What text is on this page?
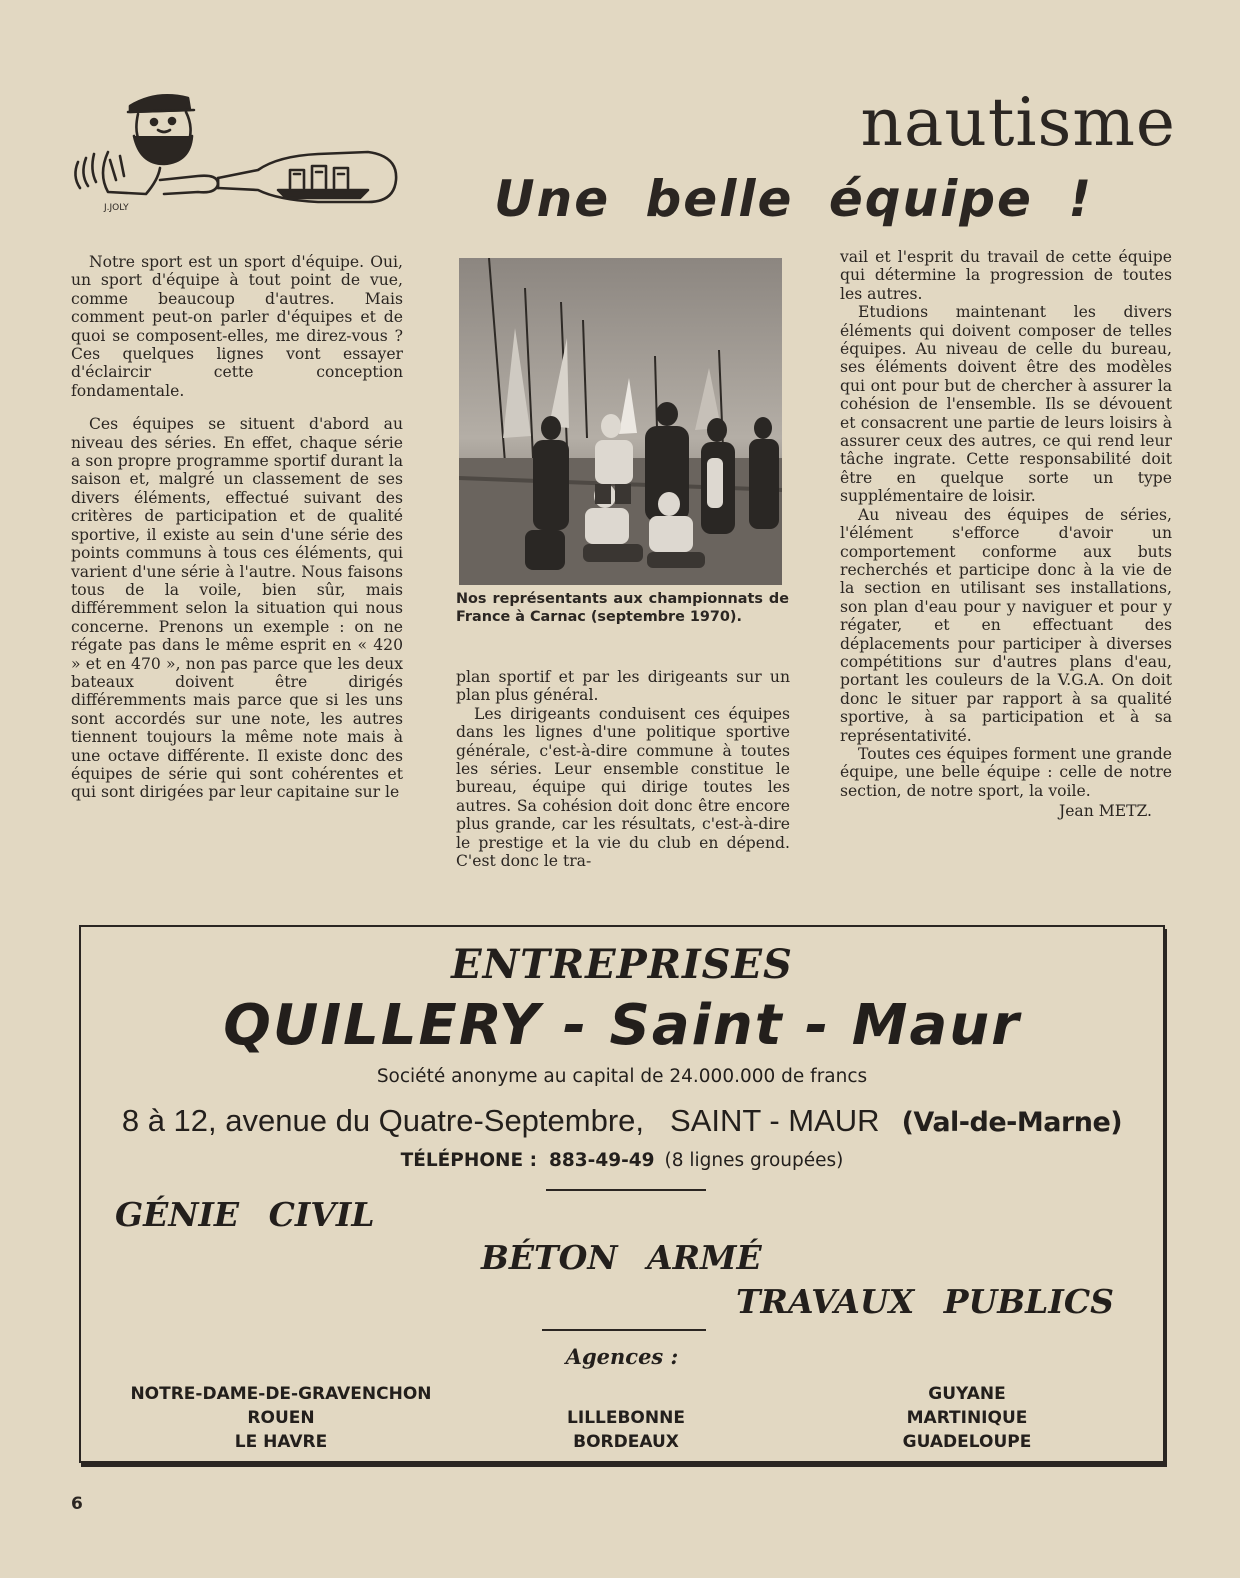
J.JOLY
nautisme
Une belle équipe !

Notre sport est un sport d'équipe. Oui, un sport d'équipe à tout point de vue, comme beaucoup d'autres. Mais comment peut-on parler d'équipes et de quoi se composent-elles, me direz-vous ? Ces quelques lignes vont essayer d'éclaircir cette conception fondamentale.

Ces équipes se situent d'abord au niveau des séries. En effet, chaque série a son propre programme sportif durant la saison et, malgré un classement de ses divers éléments, effectué suivant des critères de participation et de qualité sportive, il existe au sein d'une série des points communs à tous ces éléments, qui varient d'une série à l'autre. Nous faisons tous de la voile, bien sûr, mais différemment selon la situation qui nous concerne. Prenons un exemple : on ne régate pas dans le même esprit en « 420 » et en 470 », non pas parce que les deux bateaux doivent être dirigés différemments mais parce que si les uns sont accordés sur une note, les autres tiennent toujours la même note mais à une octave différente. Il existe donc des équipes de série qui sont cohérentes et qui sont dirigées par leur capitaine sur le

Nos représentants aux championnats de France à Carnac (septembre 1970).

plan sportif et par les dirigeants sur un plan plus général.

Les dirigeants conduisent ces équipes dans les lignes d'une politique sportive générale, c'est-à-dire commune à toutes les séries. Leur ensemble constitue le bureau, équipe qui dirige toutes les autres. Sa cohésion doit donc être encore plus grande, car les résultats, c'est-à-dire le prestige et la vie du club en dépend. C'est donc le tra-

vail et l'esprit du travail de cette équipe qui détermine la progression de toutes les autres.

Etudions maintenant les divers éléments qui doivent composer de telles équipes. Au niveau de celle du bureau, ses éléments doivent être des modèles qui ont pour but de chercher à assurer la cohésion de l'ensemble. Ils se dévouent et consacrent une partie de leurs loisirs à assurer ceux des autres, ce qui rend leur tâche ingrate. Cette responsabilité doit être en quelque sorte un type supplémentaire de loisir.

Au niveau des équipes de séries, l'élément s'efforce d'avoir un comportement conforme aux buts recherchés et participe donc à la vie de la section en utilisant ses installations, son plan d'eau pour y naviguer et pour y régater, et en effectuant des déplacements pour participer à diverses compétitions sur d'autres plans d'eau, portant les couleurs de la V.G.A. On doit donc le situer par rapport à sa qualité sportive, à sa participation et à sa représentativité.

Toutes ces équipes forment une grande équipe, une belle équipe : celle de notre section, de notre sport, la voile.

Jean METZ.

ENTREPRISES

QUILLERY - Saint - Maur

Société anonyme au capital de 24.000.000 de francs

8 à 12, avenue du Quatre-Septembre, SAINT - MAUR (Val-de-Marne)

TÉLÉPHONE : 883-49-49 (8 lignes groupées)

GÉNIE CIVIL

BÉTON ARMÉ

TRAVAUX PUBLICS

Agences :

NOTRE-DAME-DE-GRAVENCHON
ROUEN
LE HAVRE
LILLEBONNE
BORDEAUX
GUYANE
MARTINIQUE
GUADELOUPE

6
